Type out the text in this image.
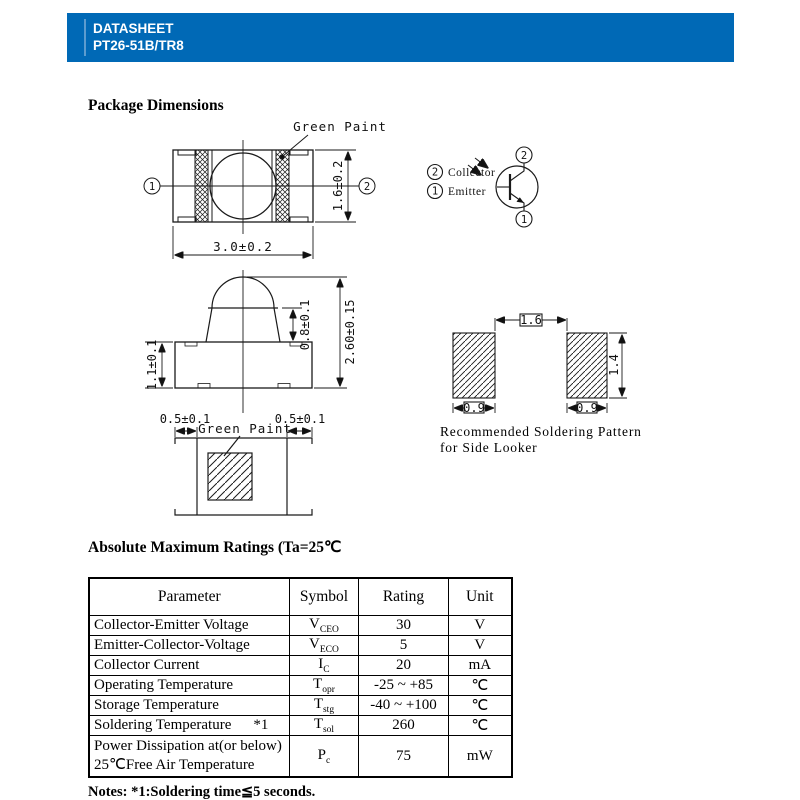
DATASHEET
PT26-51B/TR8
Package Dimensions
Green Paint
1	2
1.6±0.2
3.0±0.2
2 Collector
1 Emitter
2
1
1.1±0.1
0.8±0.1	2.60±0.15
0.5±0.1	0.5±0.1
Green Paint
1.6
1.4
0.9	0.9
Recommended Soldering Pattern
for Side Looker
Absolute Maximum Ratings (Ta=25℃
Parameter	Symbol	Rating	Unit
Collector-Emitter Voltage	$V_{CEO}$	30	V
Emitter-Collector-Voltage	$V_{ECO}$	5	V
Collector Current	$I_C$	20	mA
Operating Temperature	$T_{opr}$	-25 ~ +85	℃
Storage Temperature	$T_{stg}$	-40 ~ +100	℃
Soldering Temperature *1	$T_{sol}$	260	℃

Power Dissipation at(or below)
25℃Free Air Temperature	$P_c$	75	mW
Notes: *1:Soldering time≦5 seconds.
